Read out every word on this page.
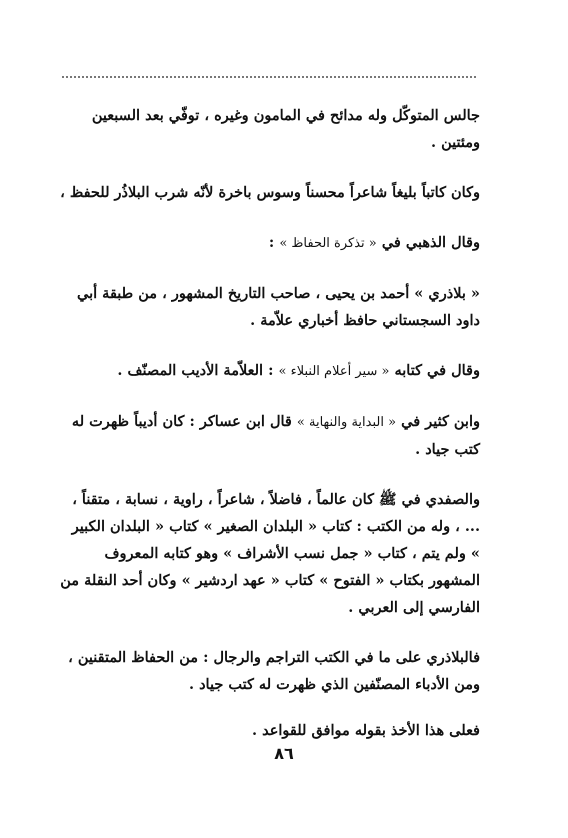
جالس المتوكّل وله مدائح في المامون وغيره ، توفّي بعد السبعين ومئتين .

وكان كاتباً بليغاً شاعراً محسناً وسوس باخرة لأنّه شرب البلاذُر للحفظ ،

وقال الذهبي في « تذكرة الحفاظ » :

« بلاذري » أحمد بن يحيى ، صاحب التاريخ المشهور ، من طبقة أبي داود السجستاني حافظ أخباري علاّمة .

وقال في كتابه « سير أعلام النبلاء » : العلاّمة الأديب المصنّف .

وابن كثير في « البداية والنهاية » قال ابن عساكر : كان أديباً ظهرت له كتب جياد .

والصفدي في ﷺ كان عالماً ، فاضلاً ، شاعراً ، راوية ، نسابة ، متقناً ، ... ، وله من الكتب : كتاب « البلدان الصغير » كتاب « البلدان الكبير » ولم يتم ، كتاب « جمل نسب الأشراف » وهو كتابه المعروف المشهور بكتاب « الفتوح » كتاب « عهد اردشير » وكان أحد النقلة من الفارسي إلى العربي .

فالبلاذري على ما في الكتب التراجم والرجال : من الحفاظ المتقنين ، ومن الأدباء المصنّفين الذي ظهرت له كتب جياد .

فعلى هذا الأخذ بقوله موافق للقواعد .

٨٦
